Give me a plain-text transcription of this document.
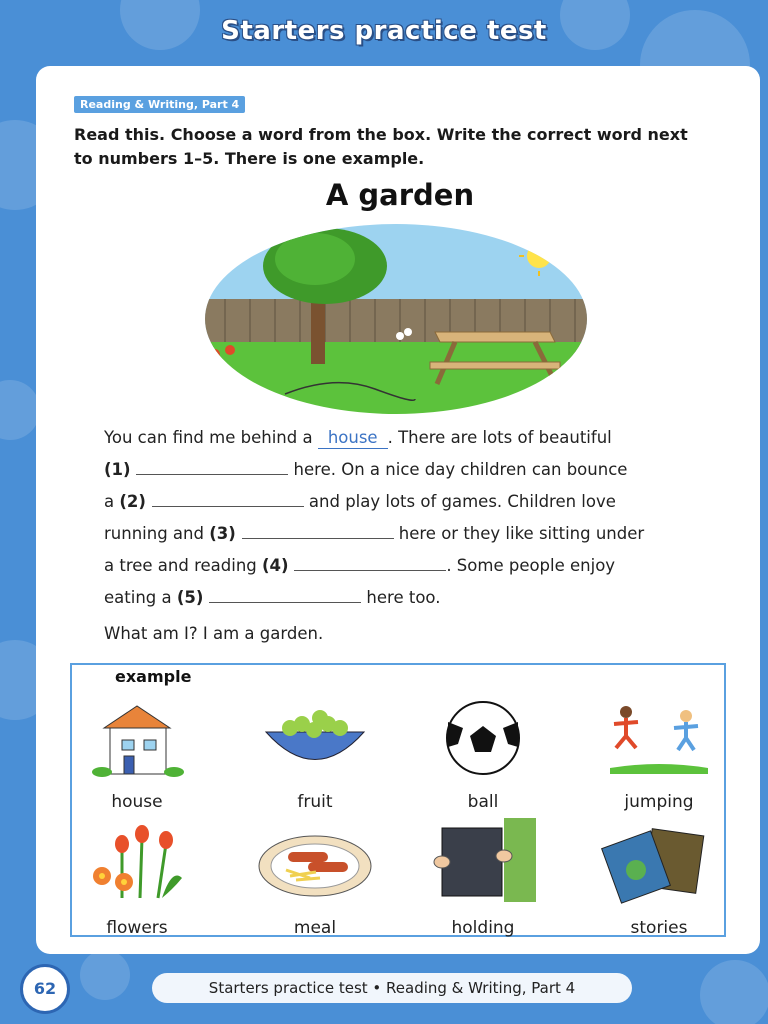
Starters practice test
Reading & Writing, Part 4
Read this. Choose a word from the box. Write the correct word next
to numbers 1–5. There is one example.
A garden
You can find me behind a house . There are lots of beautiful
(1)	here. On a nice day children can bounce
a (2)	and play lots of games. Children love
running and (3)	here or they like sitting under
a tree and reading (4)	. Some people enjoy
eating a (5)	here too.
What am I? I am a garden.
example
house	fruit	ball	jumping
flowers	meal	holding	stories
62	Starters practice test • Reading & Writing, Part 4
